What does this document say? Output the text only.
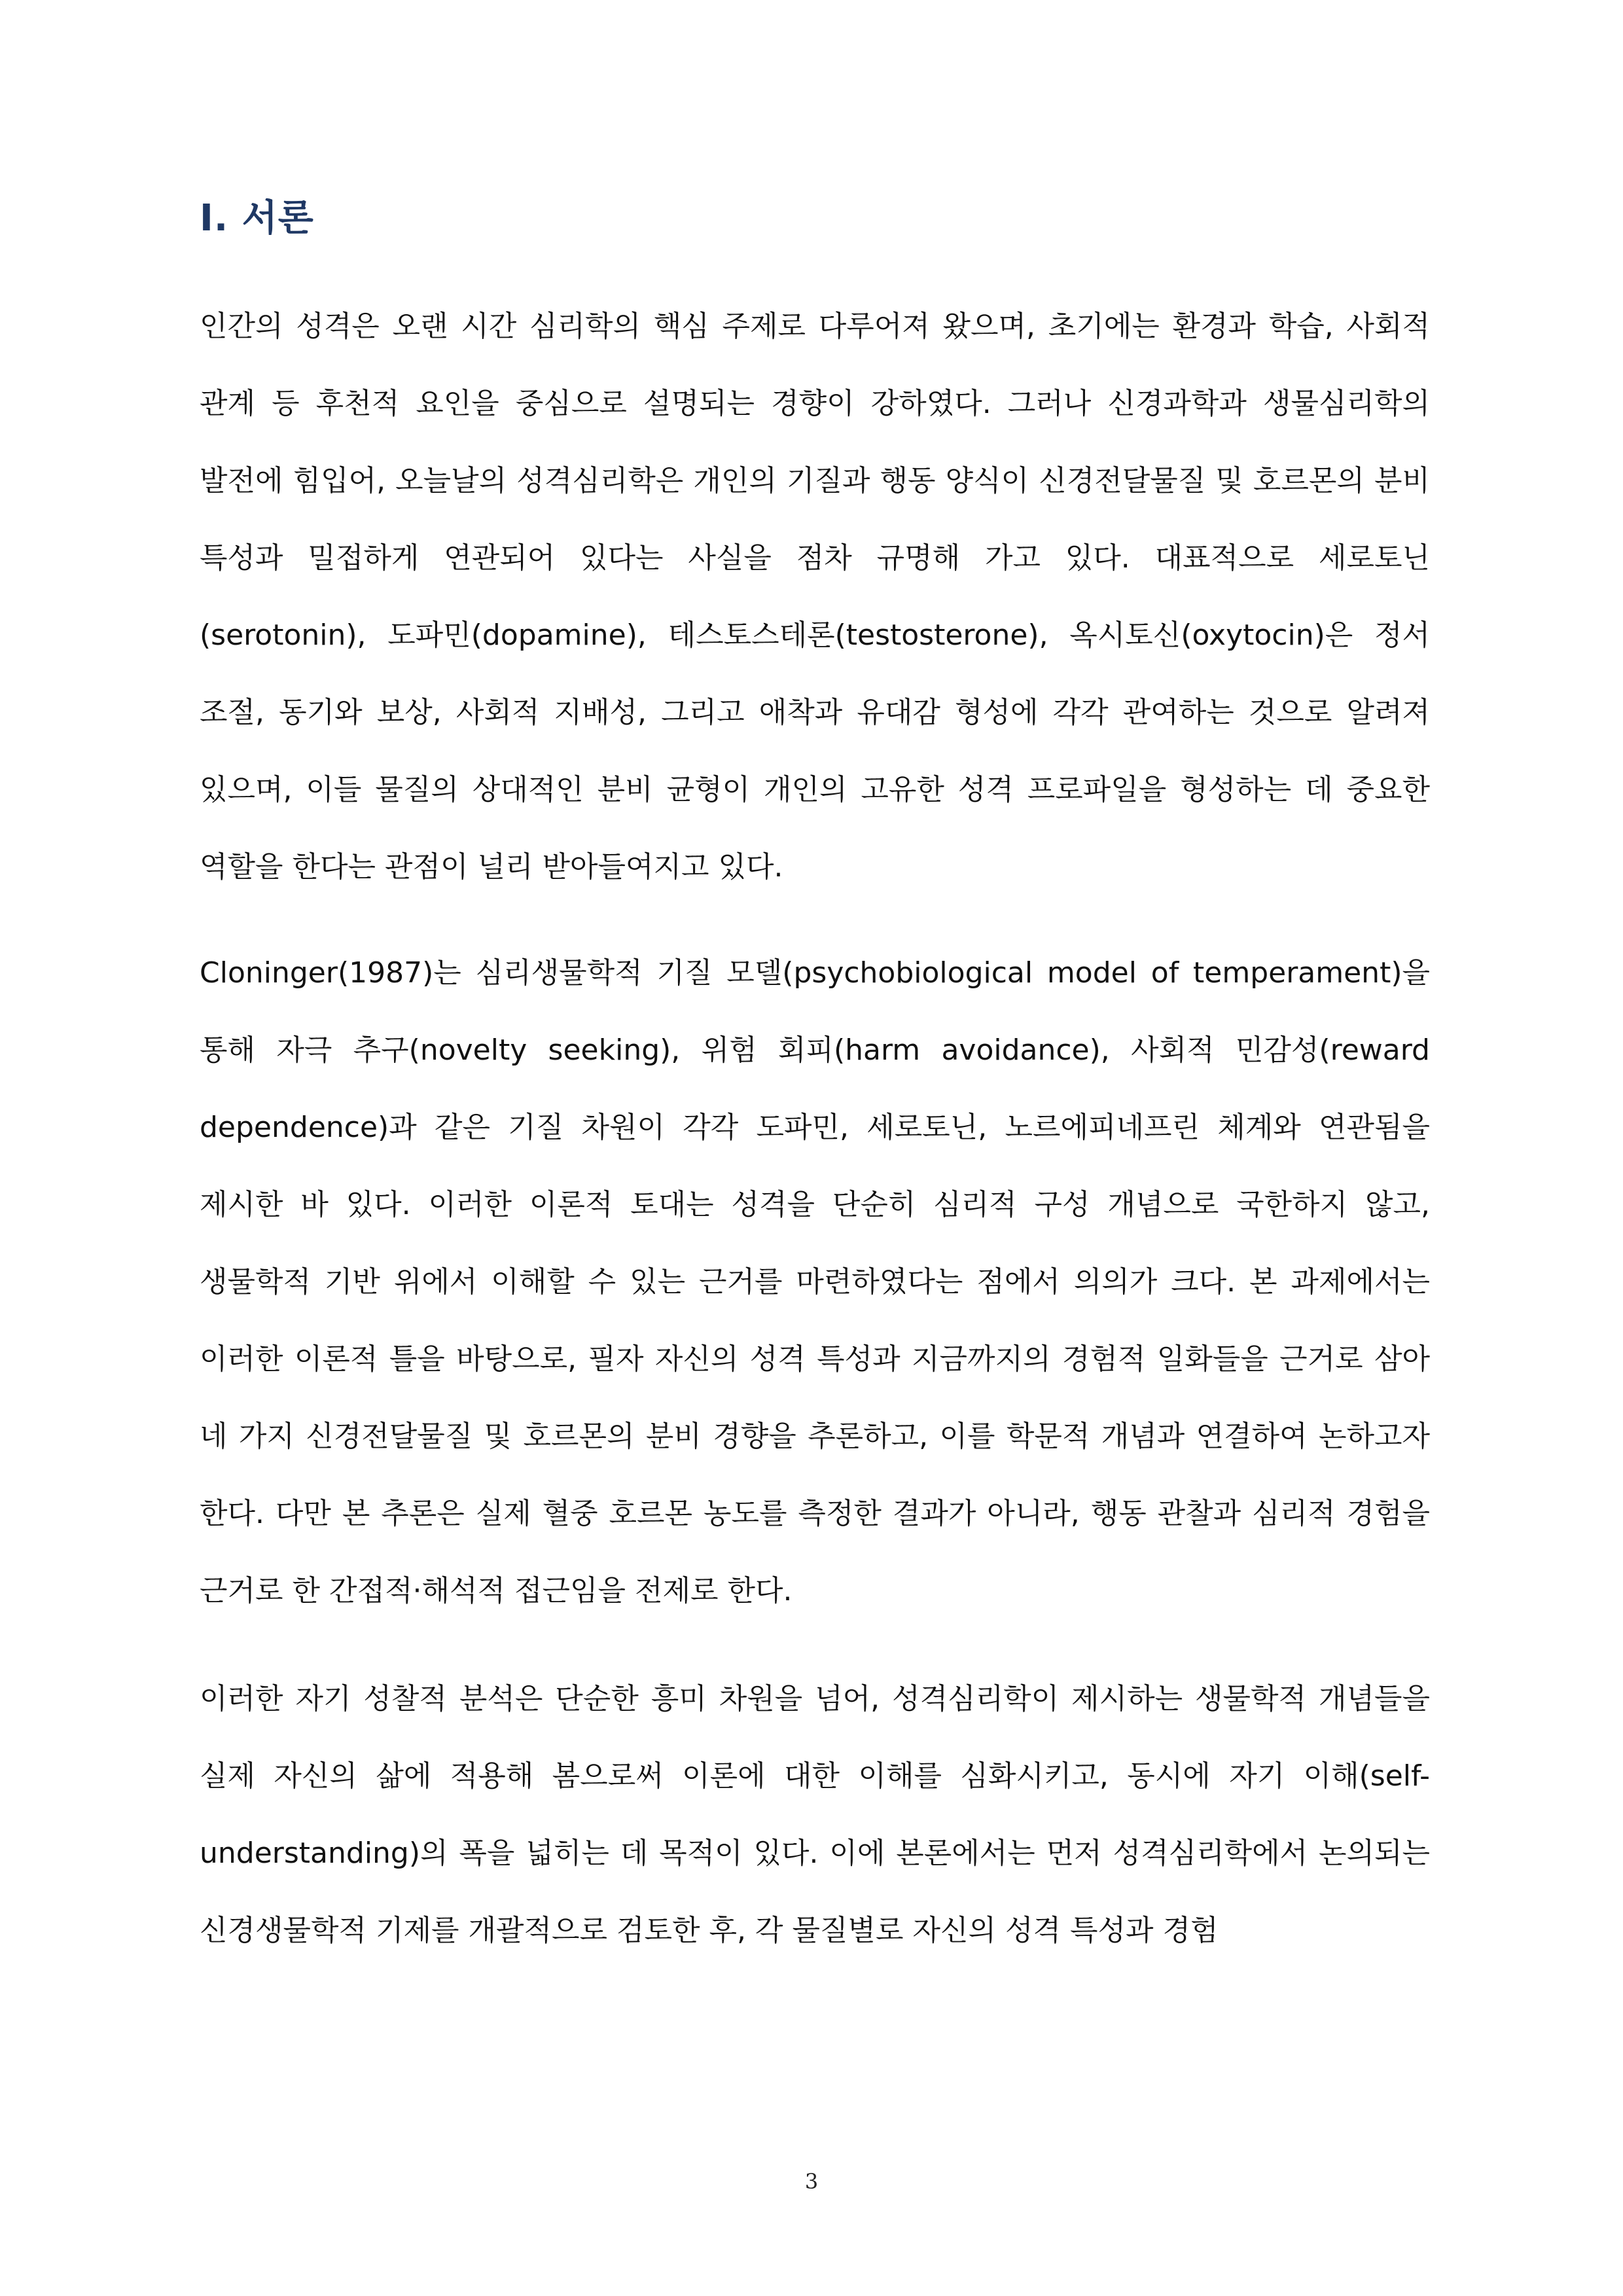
Ⅰ. 서론

인간의 성격은 오랜 시간 심리학의 핵심 주제로 다루어져 왔으며, 초기에는 환경과 학습, 사회적 관계 등 후천적 요인을 중심으로 설명되는 경향이 강하였다. 그러나 신경과학과 생물심리학의 발전에 힘입어, 오늘날의 성격심리학은 개인의 기질과 행동 양식이 신경전달물질 및 호르몬의 분비 특성과 밀접하게 연관되어 있다는 사실을 점차 규명해 가고 있다. 대표적으로 세로토닌(serotonin), 도파민(dopamine), 테스토스테론(testosterone), 옥시토신(oxytocin)은 정서 조절, 동기와 보상, 사회적 지배성, 그리고 애착과 유대감 형성에 각각 관여하는 것으로 알려져 있으며, 이들 물질의 상대적인 분비 균형이 개인의 고유한 성격 프로파일을 형성하는 데 중요한 역할을 한다는 관점이 널리 받아들여지고 있다.

Cloninger(1987)는 심리생물학적 기질 모델(psychobiological model of temperament)을 통해 자극 추구(novelty seeking), 위험 회피(harm avoidance), 사회적 민감성(reward dependence)과 같은 기질 차원이 각각 도파민, 세로토닌, 노르에피네프린 체계와 연관됨을 제시한 바 있다. 이러한 이론적 토대는 성격을 단순히 심리적 구성 개념으로 국한하지 않고, 생물학적 기반 위에서 이해할 수 있는 근거를 마련하였다는 점에서 의의가 크다. 본 과제에서는 이러한 이론적 틀을 바탕으로, 필자 자신의 성격 특성과 지금까지의 경험적 일화들을 근거로 삼아 네 가지 신경전달물질 및 호르몬의 분비 경향을 추론하고, 이를 학문적 개념과 연결하여 논하고자 한다. 다만 본 추론은 실제 혈중 호르몬 농도를 측정한 결과가 아니라, 행동 관찰과 심리적 경험을 근거로 한 간접적·해석적 접근임을 전제로 한다.

이러한 자기 성찰적 분석은 단순한 흥미 차원을 넘어, 성격심리학이 제시하는 생물학적 개념들을 실제 자신의 삶에 적용해 봄으로써 이론에 대한 이해를 심화시키고, 동시에 자기 이해(self-understanding)의 폭을 넓히는 데 목적이 있다. 이에 본론에서는 먼저 성격심리학에서 논의되는 신경생물학적 기제를 개괄적으로 검토한 후, 각 물질별로 자신의 성격 특성과 경험

3
